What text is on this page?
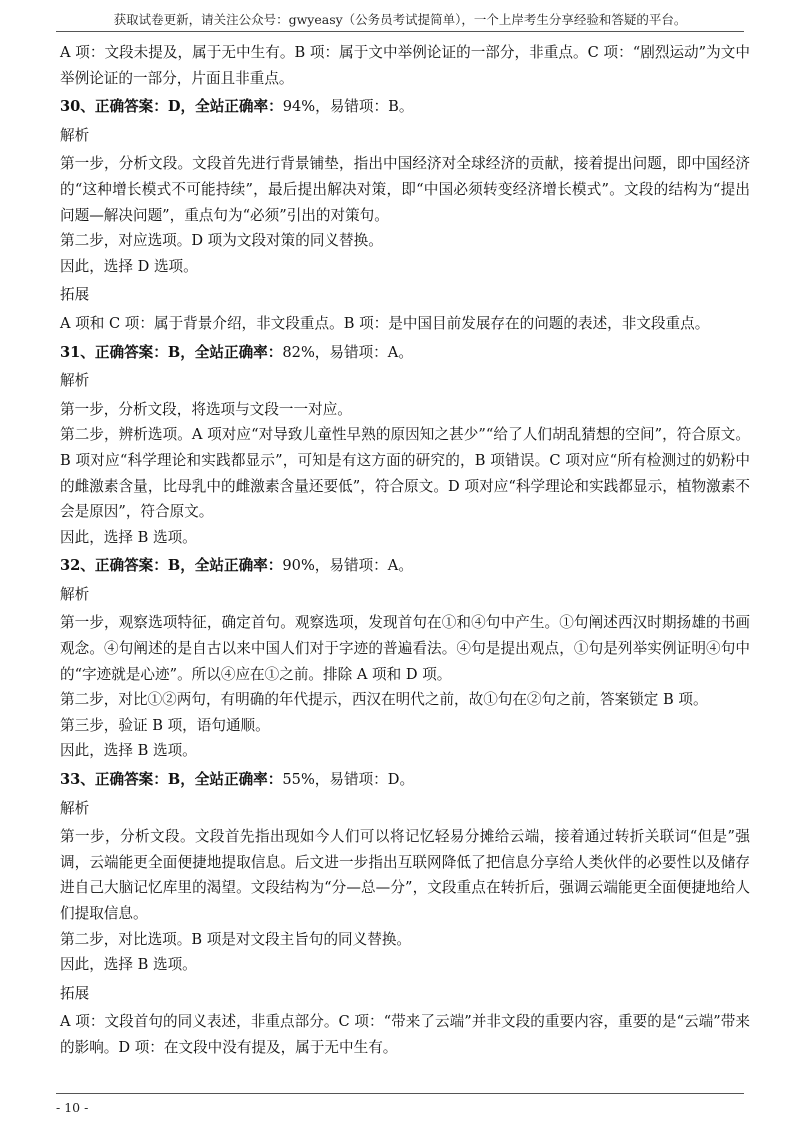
获取试卷更新，请关注公众号：gwyeasy（公务员考试提简单），一个上岸考生分享经验和答疑的平台。

A 项：文段未提及，属于无中生有。B 项：属于文中举例论证的一部分，非重点。C 项：“剧烈运动”为文中举例论证的一部分，片面且非重点。

30、正确答案：D，全站正确率：94%，易错项：B。

解析

第一步，分析文段。文段首先进行背景铺垫，指出中国经济对全球经济的贡献，接着提出问题，即中国经济的“这种增长模式不可能持续”，最后提出解决对策，即“中国必须转变经济增长模式”。文段的结构为“提出问题—解决问题”，重点句为“必须”引出的对策句。

第二步，对应选项。D 项为文段对策的同义替换。

因此，选择 D 选项。

拓展

A 项和 C 项：属于背景介绍，非文段重点。B 项：是中国目前发展存在的问题的表述，非文段重点。

31、正确答案：B，全站正确率：82%，易错项：A。

解析

第一步，分析文段，将选项与文段一一对应。

第二步，辨析选项。A 项对应“对导致儿童性早熟的原因知之甚少”“给了人们胡乱猜想的空间”，符合原文。B 项对应“科学理论和实践都显示”，可知是有这方面的研究的，B 项错误。C 项对应“所有检测过的奶粉中的雌激素含量，比母乳中的雌激素含量还要低”，符合原文。D 项对应“科学理论和实践都显示，植物激素不会是原因”，符合原文。

因此，选择 B 选项。

32、正确答案：B，全站正确率：90%，易错项：A。

解析

第一步，观察选项特征，确定首句。观察选项，发现首句在①和④句中产生。①句阐述西汉时期扬雄的书画观念。④句阐述的是自古以来中国人们对于字迹的普遍看法。④句是提出观点，①句是列举实例证明④句中的“字迹就是心迹”。所以④应在①之前。排除 A 项和 D 项。

第二步，对比①②两句，有明确的年代提示，西汉在明代之前，故①句在②句之前，答案锁定 B 项。

第三步，验证 B 项，语句通顺。

因此，选择 B 选项。

33、正确答案：B，全站正确率：55%，易错项：D。

解析

第一步，分析文段。文段首先指出现如今人们可以将记忆轻易分摊给云端，接着通过转折关联词“但是”强调，云端能更全面便捷地提取信息。后文进一步指出互联网降低了把信息分享给人类伙伴的必要性以及储存进自己大脑记忆库里的渴望。文段结构为“分—总—分”，文段重点在转折后，强调云端能更全面便捷地给人们提取信息。

第二步，对比选项。B 项是对文段主旨句的同义替换。

因此，选择 B 选项。

拓展

A 项：文段首句的同义表述，非重点部分。C 项：“带来了云端”并非文段的重要内容，重要的是“云端”带来的影响。D 项：在文段中没有提及，属于无中生有。

- 10 -
